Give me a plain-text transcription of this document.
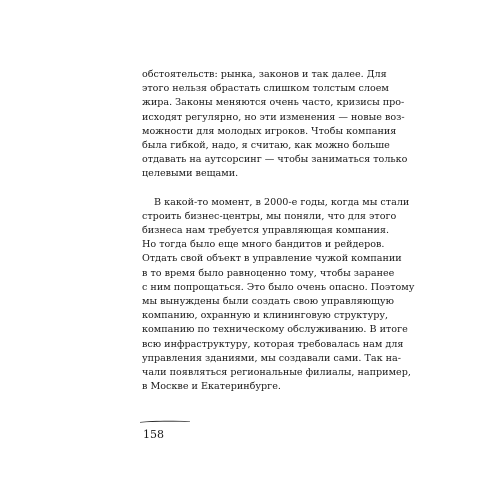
обстоятельств: рынка, законов и так далее. Для
этого нельзя обрастать слишком толстым слоем
жира. Законы меняются очень часто, кризисы про-
исходят регулярно, но эти изменения — новые воз-
можности для молодых игроков. Чтобы компания
была гибкой, надо, я считаю, как можно больше
отдавать на аутсорсинг — чтобы заниматься только
целевыми вещами.
В какой-то момент, в 2000-е годы, когда мы стали
строить бизнес-центры, мы поняли, что для этого
бизнеса нам требуется управляющая компания.
Но тогда было еще много бандитов и рейдеров.
Отдать свой объект в управление чужой компании
в то время было равноценно тому, чтобы заранее
с ним попрощаться. Это было очень опасно. Поэтому
мы вынуждены были создать свою управляющую
компанию, охранную и клининговую структуру,
компанию по техническому обслуживанию. В итоге
всю инфраструктуру, которая требовалась нам для
управления зданиями, мы создавали сами. Так на-
чали появляться региональные филиалы, например,
в Москве и Екатеринбурге.
158
